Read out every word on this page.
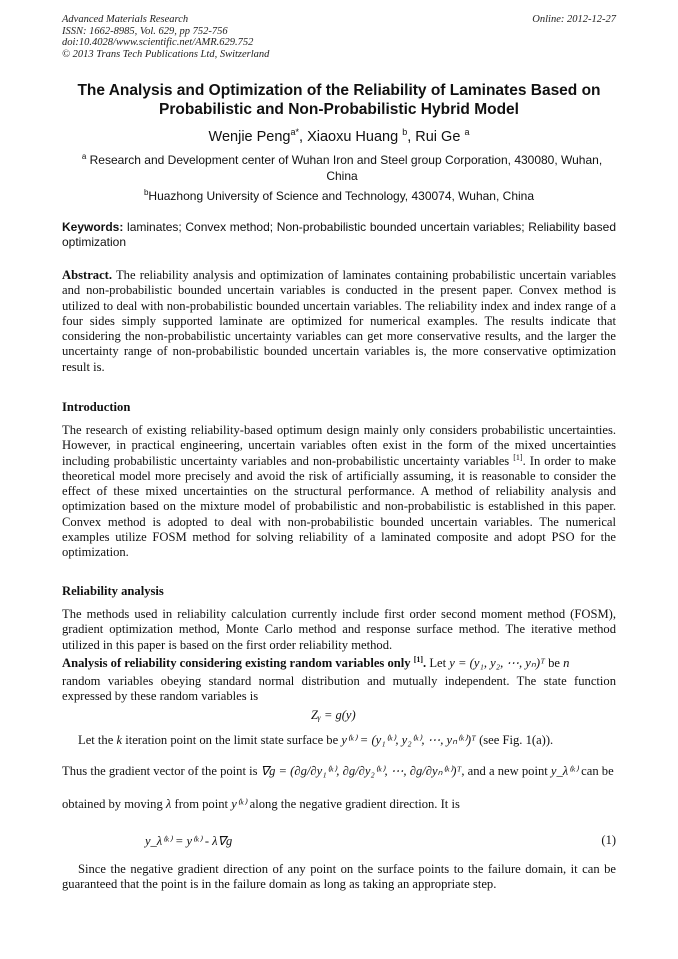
Advanced Materials Research
ISSN: 1662-8985, Vol. 629, pp 752-756
doi:10.4028/www.scientific.net/AMR.629.752
© 2013 Trans Tech Publications Ltd, Switzerland
Online: 2012-12-27
The Analysis and Optimization of the Reliability of Laminates Based on
Probabilistic and Non-Probabilistic Hybrid Model
Wenjie Peng$^{a*}$, Xiaoxu Huang $^b$, Rui Ge $^a$
$^a$ Research and Development center of Wuhan Iron and Steel group Corporation, 430080, Wuhan, China
$^b$Huazhong University of Science and Technology, 430074, Wuhan, China
Keywords: laminates; Convex method; Non-probabilistic bounded uncertain variables; Reliability based optimization
Abstract. The reliability analysis and optimization of laminates containing probabilistic uncertain variables and non-probabilistic bounded uncertain variables is conducted in the present paper. Convex method is utilized to deal with non-probabilistic bounded uncertain variables. The reliability index and index range of a four sides simply supported laminate are optimized for numerical examples. The results indicate that considering the non-probabilistic uncertainty variables can get more conservative results, and the larger the uncertainty range of non-probabilistic bounded uncertain variables is, the more conservative optimization result is.
Introduction
The research of existing reliability-based optimum design mainly only considers probabilistic uncertainties. However, in practical engineering, uncertain variables often exist in the form of the mixed uncertainties including probabilistic uncertainty variables and non-probabilistic uncertainty variables [1]. In order to make theoretical model more precisely and avoid the risk of artificially assuming, it is reasonable to consider the effect of these mixed uncertainties on the structural performance. A method of reliability analysis and optimization based on the mixture model of probabilistic and non-probabilistic is established in this paper. Convex method is adopted to deal with non-probabilistic bounded uncertain variables. The numerical examples utilize FOSM method for solving reliability of a laminated composite and adopt PSO for the optimization.
Reliability analysis
The methods used in reliability calculation currently include first order second moment method (FOSM), gradient optimization method, Monte Carlo method and response surface method. The iterative method utilized in this paper is based on the first order reliability method.
Analysis of reliability considering existing random variables only [1]. Let y = (y₁, y₂, ⋯, yₙ)ᵀ be n
random variables obeying standard normal distribution and mutually independent. The state function expressed by these random variables is
Zᵧ = g(y)
Let the k iteration point on the limit state surface be y⁽ᵏ⁾ = (y₁⁽ᵏ⁾, y₂⁽ᵏ⁾, ⋯, yₙ⁽ᵏ⁾)ᵀ (see Fig. 1(a)).
Thus the gradient vector of the point is ∇g = (∂g/∂y₁⁽ᵏ⁾, ∂g/∂y₂⁽ᵏ⁾, ⋯, ∂g/∂yₙ⁽ᵏ⁾)ᵀ, and a new point y_λ⁽ᵏ⁾ can be
obtained by moving λ from point y⁽ᵏ⁾ along the negative gradient direction. It is
y_λ⁽ᵏ⁾ = y⁽ᵏ⁾ - λ∇g	(1)
Since the negative gradient direction of any point on the surface points to the failure domain, it can be guaranteed that the point is in the failure domain as long as taking an appropriate step.
